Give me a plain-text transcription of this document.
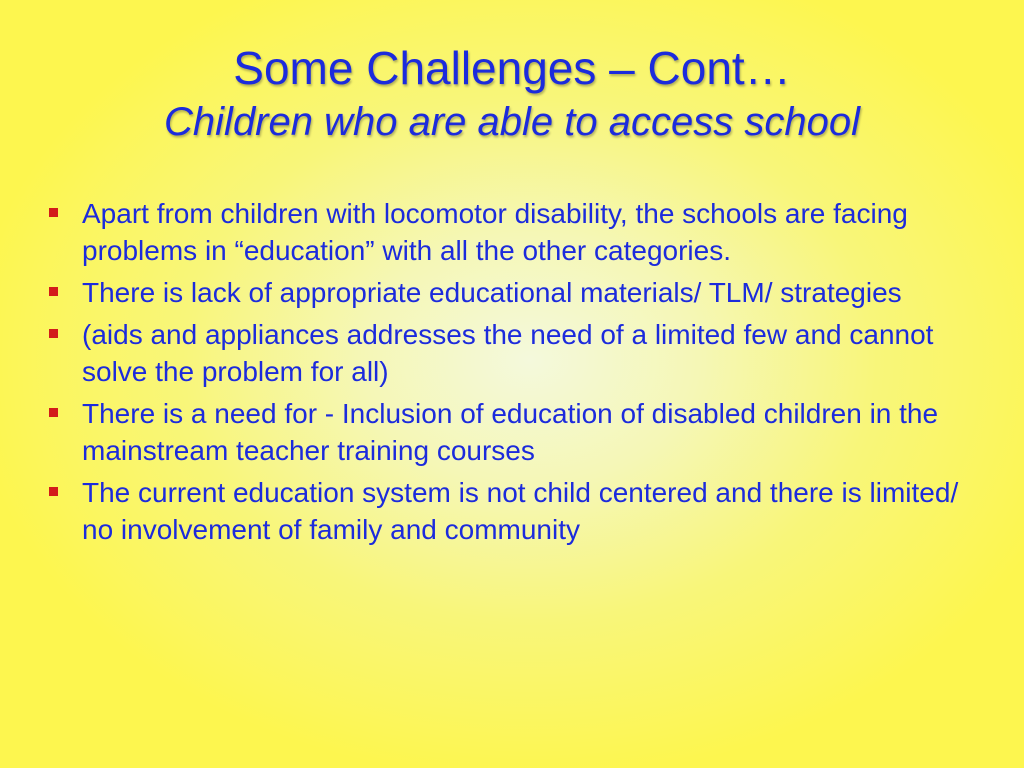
Some Challenges – Cont…
Children who are able to access school
Apart from children with locomotor disability, the schools are facing problems in “education” with all the other categories.
There is lack of appropriate educational materials/ TLM/ strategies
(aids and appliances addresses the need of a limited few and cannot solve the problem for all)
There is a need for - Inclusion of education of disabled children in the mainstream teacher training courses
The current education system is not child centered and there is limited/ no involvement of family and community
